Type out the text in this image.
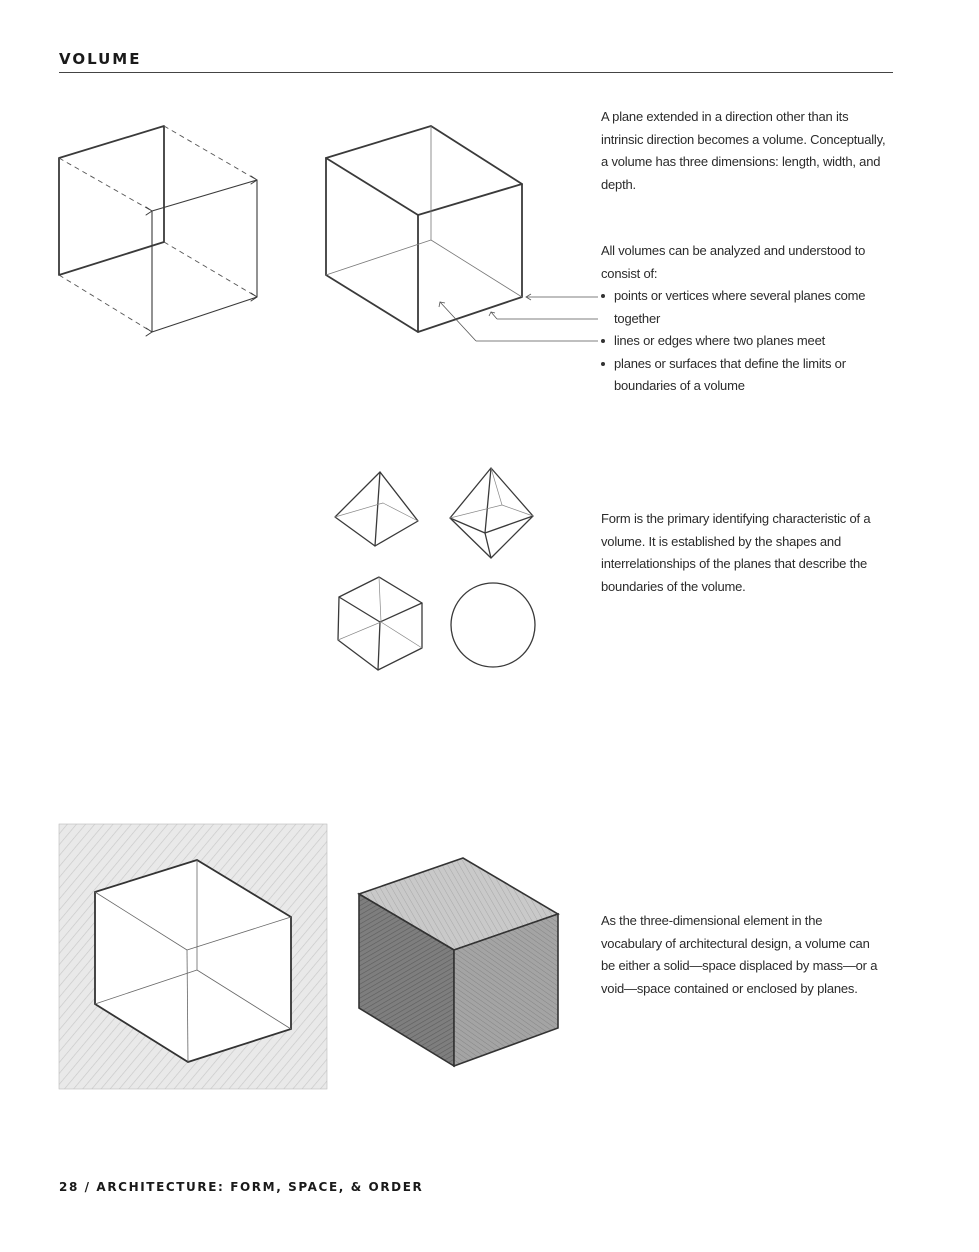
VOLUME
A plane extended in a direction other than its intrinsic direction becomes a volume. Conceptually, a volume has three dimensions: length, width, and depth.
All volumes can be analyzed and understood to consist of:
points or vertices where several planes come together
lines or edges where two planes meet
planes or surfaces that define the limits or boundaries of a volume
Form is the primary identifying characteristic of a volume. It is established by the shapes and interrelationships of the planes that describe the boundaries of the volume.
As the three-dimensional element in the vocabulary of architectural design, a volume can be either a solid—space displaced by mass—or a void—space contained or enclosed by planes.
28 / ARCHITECTURE: FORM, SPACE, & ORDER
